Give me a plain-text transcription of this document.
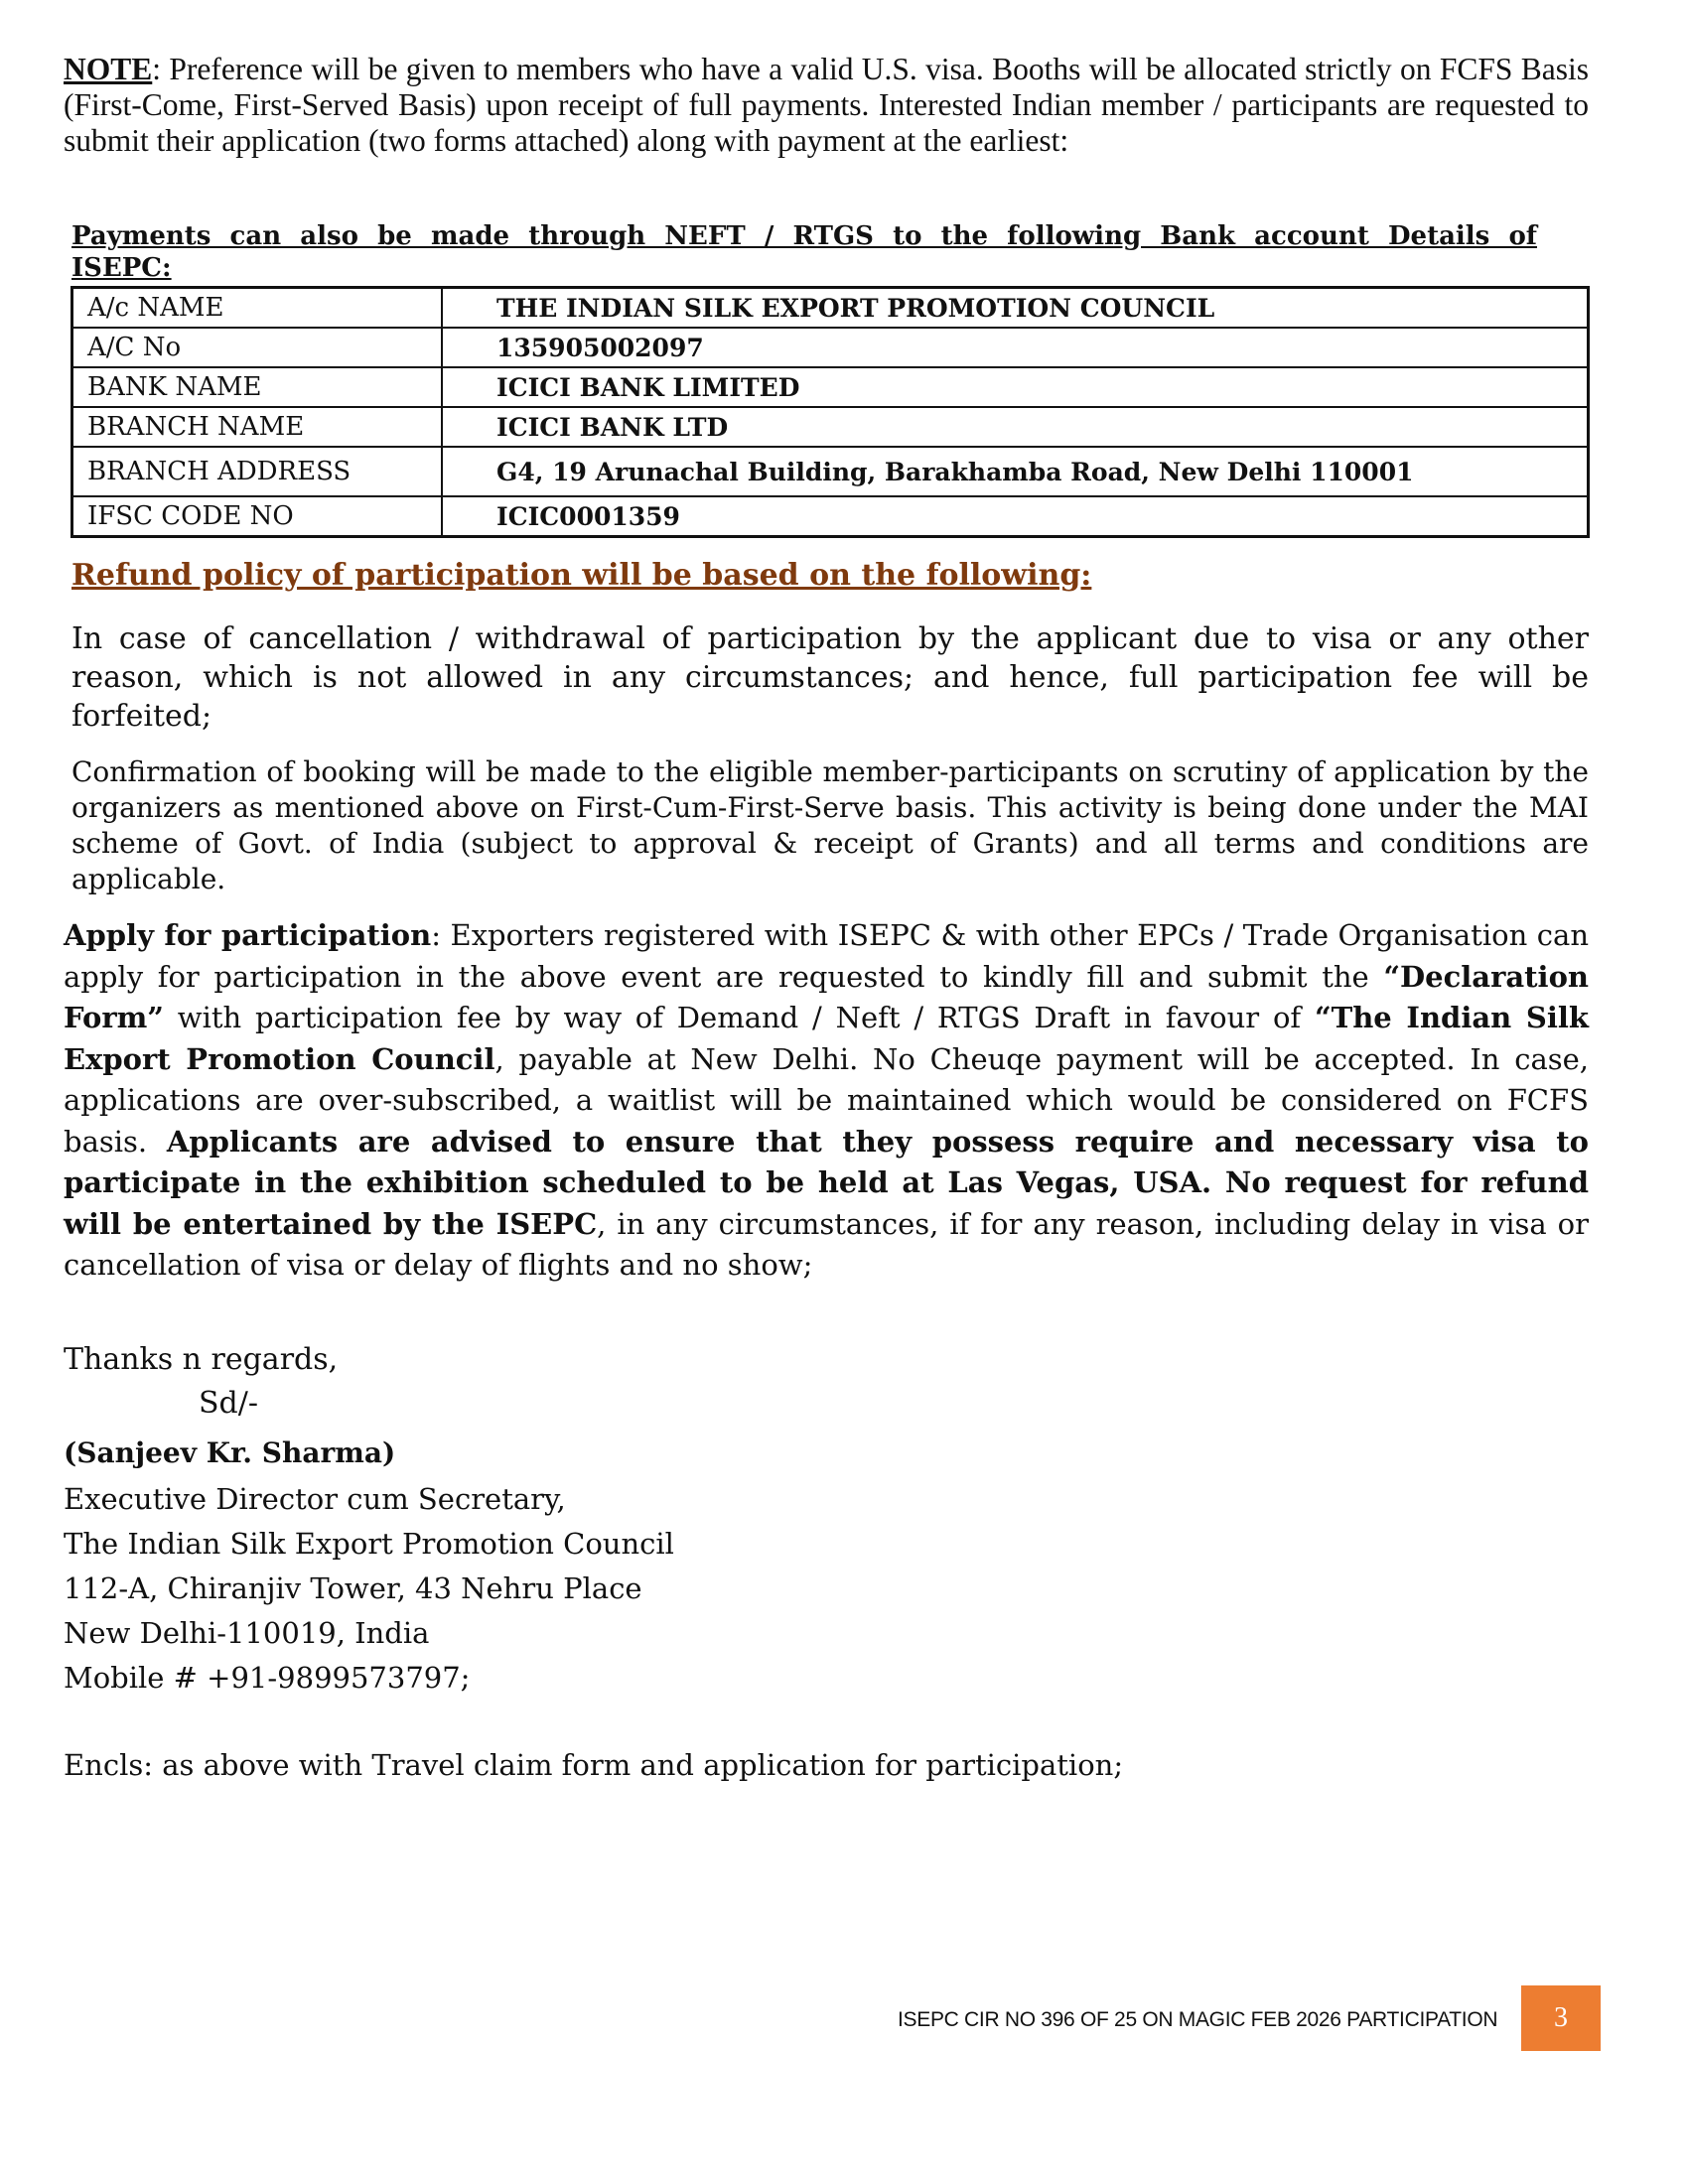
NOTE: Preference will be given to members who have a valid U.S. visa. Booths will be allocated strictly on FCFS Basis (First-Come, First-Served Basis) upon receipt of full payments. Interested Indian member / participants are requested to submit their application (two forms attached) along with payment at the earliest:

Payments can also be made through NEFT / RTGS to the following Bank account Details of ISEPC:
A/c NAME	THE INDIAN SILK EXPORT PROMOTION COUNCIL
A/C No	135905002097
BANK NAME	ICICI BANK LIMITED
BRANCH NAME	ICICI BANK LTD
BRANCH ADDRESS	G4, 19 Arunachal Building, Barakhamba Road, New Delhi 110001
IFSC CODE NO	ICIC0001359
Refund policy of participation will be based on the following:

In case of cancellation / withdrawal of participation by the applicant due to visa or any other reason, which is not allowed in any circumstances; and hence, full participation fee will be forfeited;

Confirmation of booking will be made to the eligible member-participants on scrutiny of application by the organizers as mentioned above on First-Cum-First-Serve basis. This activity is being done under the MAI scheme of Govt. of India (subject to approval & receipt of Grants) and all terms and conditions are applicable.

Apply for participation: Exporters registered with ISEPC & with other EPCs / Trade Organisation can apply for participation in the above event are requested to kindly fill and submit the “Declaration Form” with participation fee by way of Demand / Neft / RTGS Draft in favour of “The Indian Silk Export Promotion Council, payable at New Delhi. No Cheuqe payment will be accepted. In case, applications are over-subscribed, a waitlist will be maintained which would be considered on FCFS basis. Applicants are advised to ensure that they possess require and necessary visa to participate in the exhibition scheduled to be held at Las Vegas, USA. No request for refund will be entertained by the ISEPC, in any circumstances, if for any reason, including delay in visa or cancellation of visa or delay of flights and no show;

Thanks n regards,
Sd/-
(Sanjeev Kr. Sharma)
Executive Director cum Secretary,
The Indian Silk Export Promotion Council
112-A, Chiranjiv Tower, 43 Nehru Place
New Delhi-110019, India
Mobile # +91-9899573797;
Encls: as above with Travel claim form and application for participation;
ISEPC CIR NO 396 OF 25 ON MAGIC FEB 2026 PARTICIPATION 3
